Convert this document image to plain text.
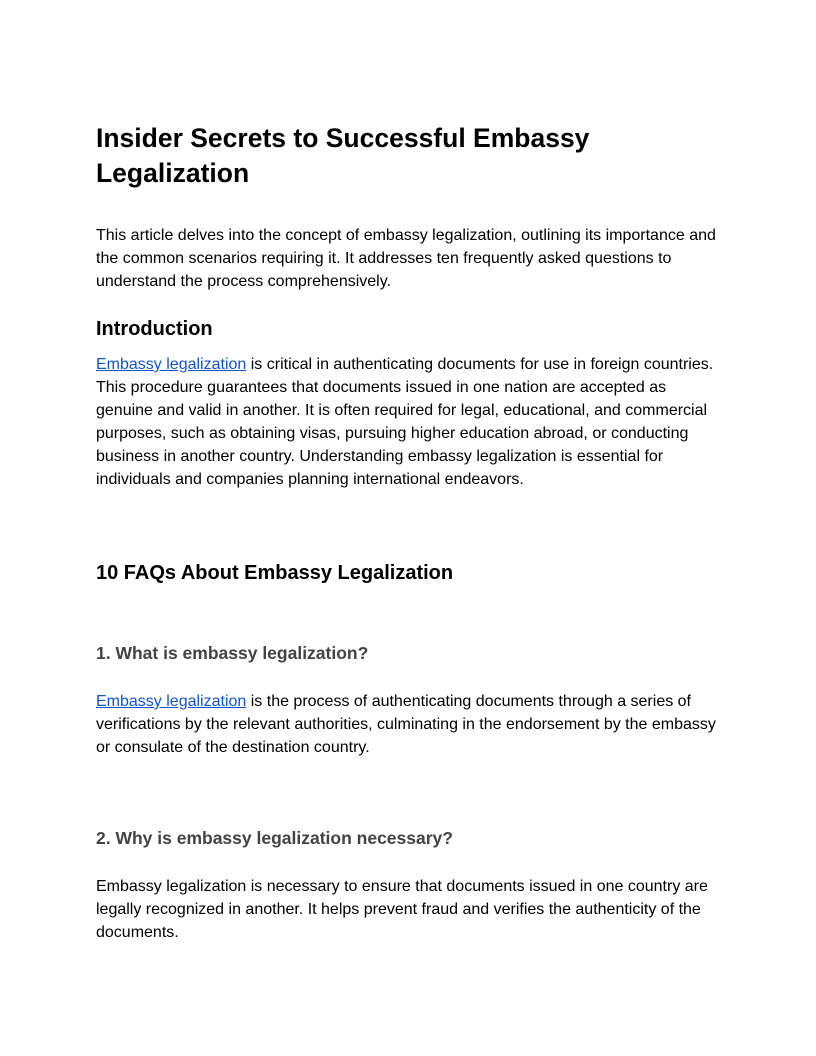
Insider Secrets to Successful Embassy Legalization

This article delves into the concept of embassy legalization, outlining its importance and the common scenarios requiring it. It addresses ten frequently asked questions to understand the process comprehensively.

Introduction

Embassy legalization is critical in authenticating documents for use in foreign countries. This procedure guarantees that documents issued in one nation are accepted as genuine and valid in another. It is often required for legal, educational, and commercial purposes, such as obtaining visas, pursuing higher education abroad, or conducting business in another country. Understanding embassy legalization is essential for individuals and companies planning international endeavors.

10 FAQs About Embassy Legalization
1. What is embassy legalization?

Embassy legalization is the process of authenticating documents through a series of verifications by the relevant authorities, culminating in the endorsement by the embassy or consulate of the destination country.

2. Why is embassy legalization necessary?

Embassy legalization is necessary to ensure that documents issued in one country are legally recognized in another. It helps prevent fraud and verifies the authenticity of the documents.
